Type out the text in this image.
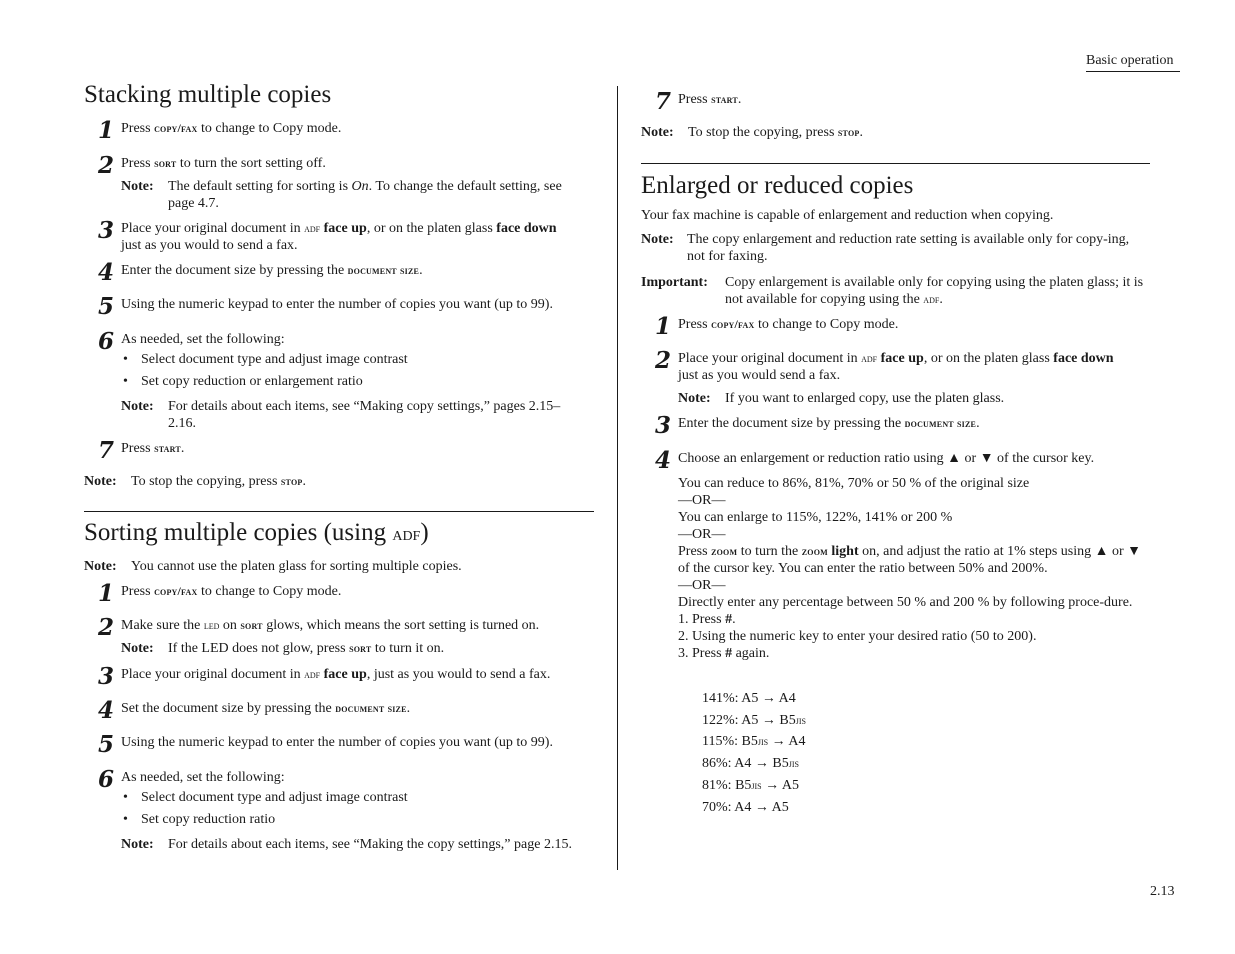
Basic operation
2.13
Stacking multiple copies
1 Press copy/fax to change to Copy mode.
2 Press sort to turn the sort setting off.
Note:	The default setting for sorting is On. To change the default setting, see page 4.7.
3 Place your original document in adf face up, or on the platen glass face down just as you would to send a fax.
4 Enter the document size by pressing the document size.
5 Using the numeric keypad to enter the number of copies you want (up to 99).
6 As needed, set the following:
• Select document type and adjust image contrast
• Set copy reduction or enlargement ratio
Note:	For details about each items, see “Making copy settings,” pages 2.15–2.16.
7 Press start.
Note:	To stop the copying, press stop.
Sorting multiple copies (using adf)
Note:	You cannot use the platen glass for sorting multiple copies.
1 Press copy/fax to change to Copy mode.
2 Make sure the led on sort glows, which means the sort setting is turned on.
Note:	If the LED does not glow, press sort to turn it on.
3 Place your original document in adf face up, just as you would to send a fax.
4 Set the document size by pressing the document size.
5 Using the numeric keypad to enter the number of copies you want (up to 99).
6 As needed, set the following:
• Select document type and adjust image contrast
• Set copy reduction ratio
Note:	For details about each items, see “Making the copy settings,” page 2.15.
7 Press start.
Note:	To stop the copying, press stop.
Enlarged or reduced copies
Your fax machine is capable of enlargement and reduction when copying.
Note: The copy enlargement and reduction rate setting is available only for copy-ing, not for faxing.
Important:	Copy enlargement is available only for copying using the platen glass; it is not available for copying using the adf.
1 Press copy/fax to change to Copy mode.
2 Place your original document in adf face up, or on the platen glass face down just as you would send a fax.
Note:	If you want to enlarged copy, use the platen glass.
3 Enter the document size by pressing the document size.
4 Choose an enlargement or reduction ratio using ▲ or ▼ of the cursor key.
You can reduce to 86%, 81%, 70% or 50 % of the original size
—OR—
You can enlarge to 115%, 122%, 141% or 200 %
—OR—
Press zoom to turn the zoom light on, and adjust the ratio at 1% steps using ▲ or ▼ of the cursor key. You can enter the ratio between 50% and 200%.
—OR—
Directly enter any percentage between 50 % and 200 % by following proce-dure.
1. Press #.
2. Using the numeric key to enter your desired ratio (50 to 200).
3. Press # again.
141%: A5 → A4
122%: A5 → B5jis
115%: B5jis → A4
86%: A4 → B5jis
81%: B5jis → A5
70%: A4 → A5
